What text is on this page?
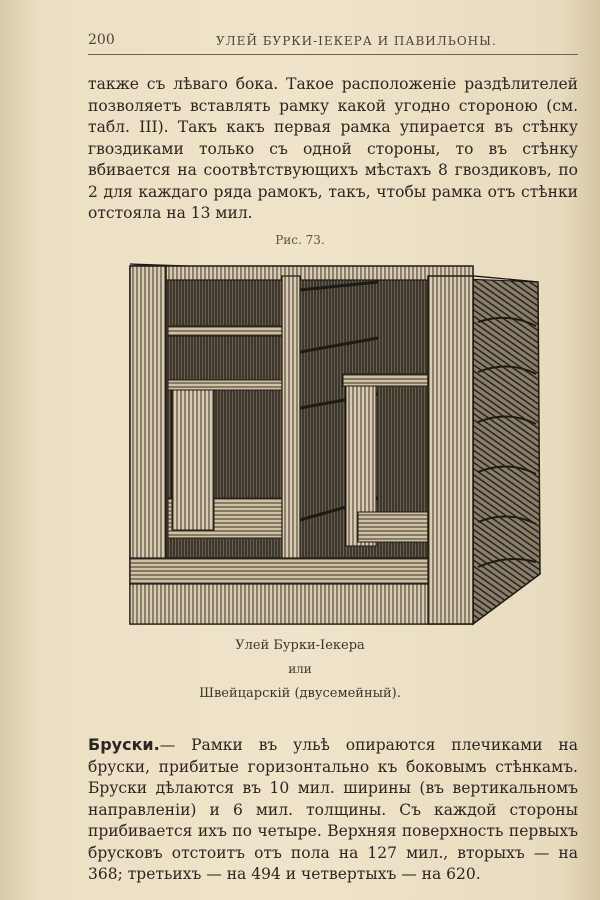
200	УЛЕЙ БУРКИ-ІЕКЕРА И ПАВИЛЬОНЫ.

также съ лѣваго бока. Такое расположеніе раздѣлителей позволяетъ вставлять рамку какой угодно стороною (см. табл. III). Такъ какъ первая рамка упирается въ стѣнку гвоздиками только съ одной стороны, то въ стѣнку вбивается на соотвѣтствующихъ мѣстахъ 8 гвоздиковъ, по 2 для каждаго ряда рамокъ, такъ, чтобы рамка отъ стѣнки отстояла на 13 мил.

Рис. 73.
Улей Бурки-Іекера
или
Швейцарскій (двусемейный).

Бруски.— Рамки въ ульѣ опираются плечиками на бруски, прибитые горизонтально къ боковымъ стѣнкамъ. Бруски дѣлаются въ 10 мил. ширины (въ вертикальномъ направленіи) и 6 мил. толщины. Съ каждой стороны прибивается ихъ по четыре. Верхняя поверхность первыхъ брусковъ отстоитъ отъ пола на 127 мил., вторыхъ — на 368; третьихъ — на 494 и четвертыхъ — на 620.
